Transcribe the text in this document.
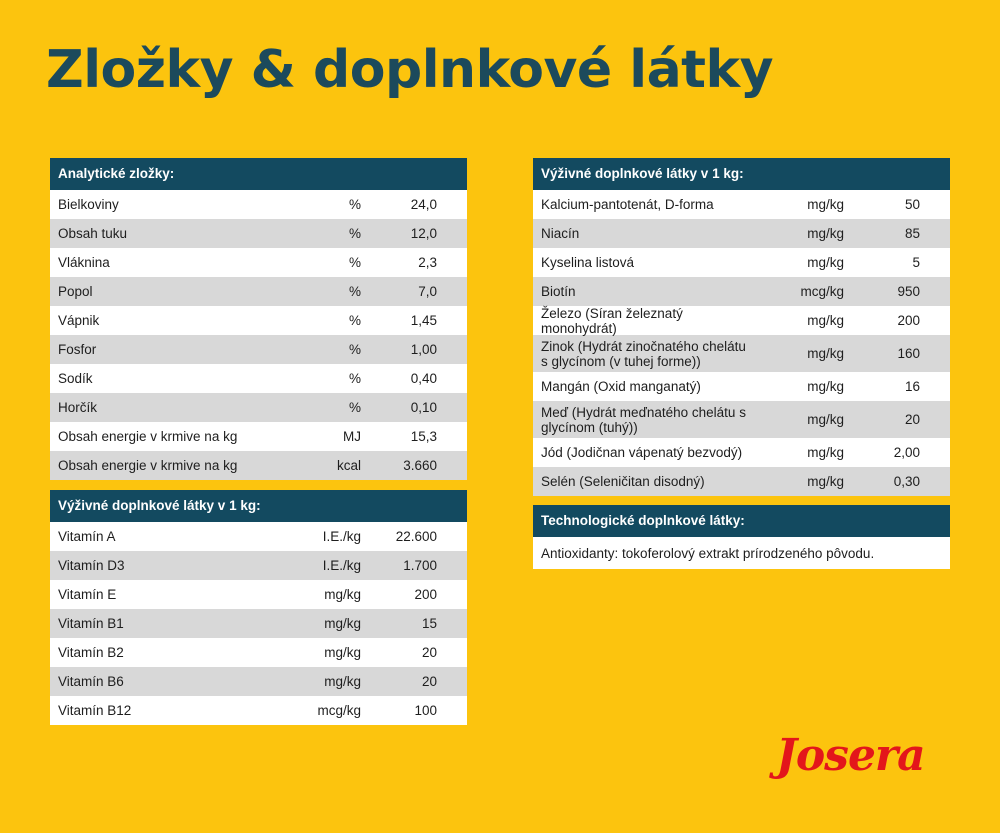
Zložky & doplnkové látky
Analytické zložky:
Bielkoviny	%	24,0
Obsah tuku	%	12,0
Vláknina	%	2,3
Popol	%	7,0
Vápnik	%	1,45
Fosfor	%	1,00
Sodík	%	0,40
Horčík	%	0,10
Obsah energie v krmive na kg	MJ	15,3
Obsah energie v krmive na kg	kcal	3.660
Výživné doplnkové látky v 1 kg:
Vitamín A	I.E./kg	22.600
Vitamín D3	I.E./kg	1.700
Vitamín E	mg/kg	200
Vitamín B1	mg/kg	15
Vitamín B2	mg/kg	20
Vitamín B6	mg/kg	20
Vitamín B12	mcg/kg	100
Výživné doplnkové látky v 1 kg:
Kalcium-pantotenát, D-forma	mg/kg	50
Niacín	mg/kg	85
Kyselina listová	mg/kg	5
Biotín	mcg/kg	950
Železo (Síran železnatý monohydrát)	mg/kg	200
Zinok (Hydrát zinočnatého chelátu s glycínom (v tuhej forme))	mg/kg	160
Mangán (Oxid manganatý)	mg/kg	16
Meď (Hydrát meďnatého chelátu s glycínom (tuhý))	mg/kg	20
Jód (Jodičnan vápenatý bezvodý)	mg/kg	2,00
Selén (Seleničitan disodný)	mg/kg	0,30
Technologické doplnkové látky:
Antioxidanty: tokoferolový extrakt prírodzeného pôvodu.
Josera
